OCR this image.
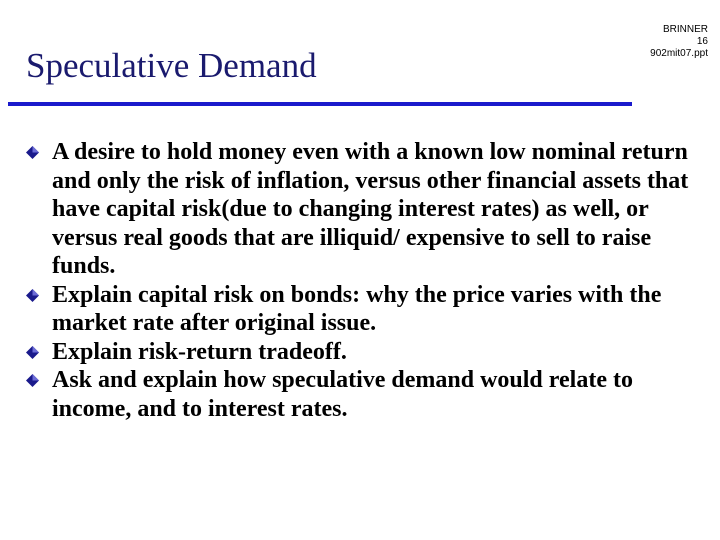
Speculative Demand
BRINNER
16
902mit07.ppt
A desire to hold money even with a known low nominal return and only the risk of inflation, versus other financial assets that have capital risk(due to changing interest rates) as well, or versus real goods that are illiquid/ expensive to sell to raise funds.
Explain capital risk on bonds: why the price varies with the market rate after original issue.
Explain risk-return tradeoff.
Ask and explain how speculative demand would relate to income, and to interest rates.
